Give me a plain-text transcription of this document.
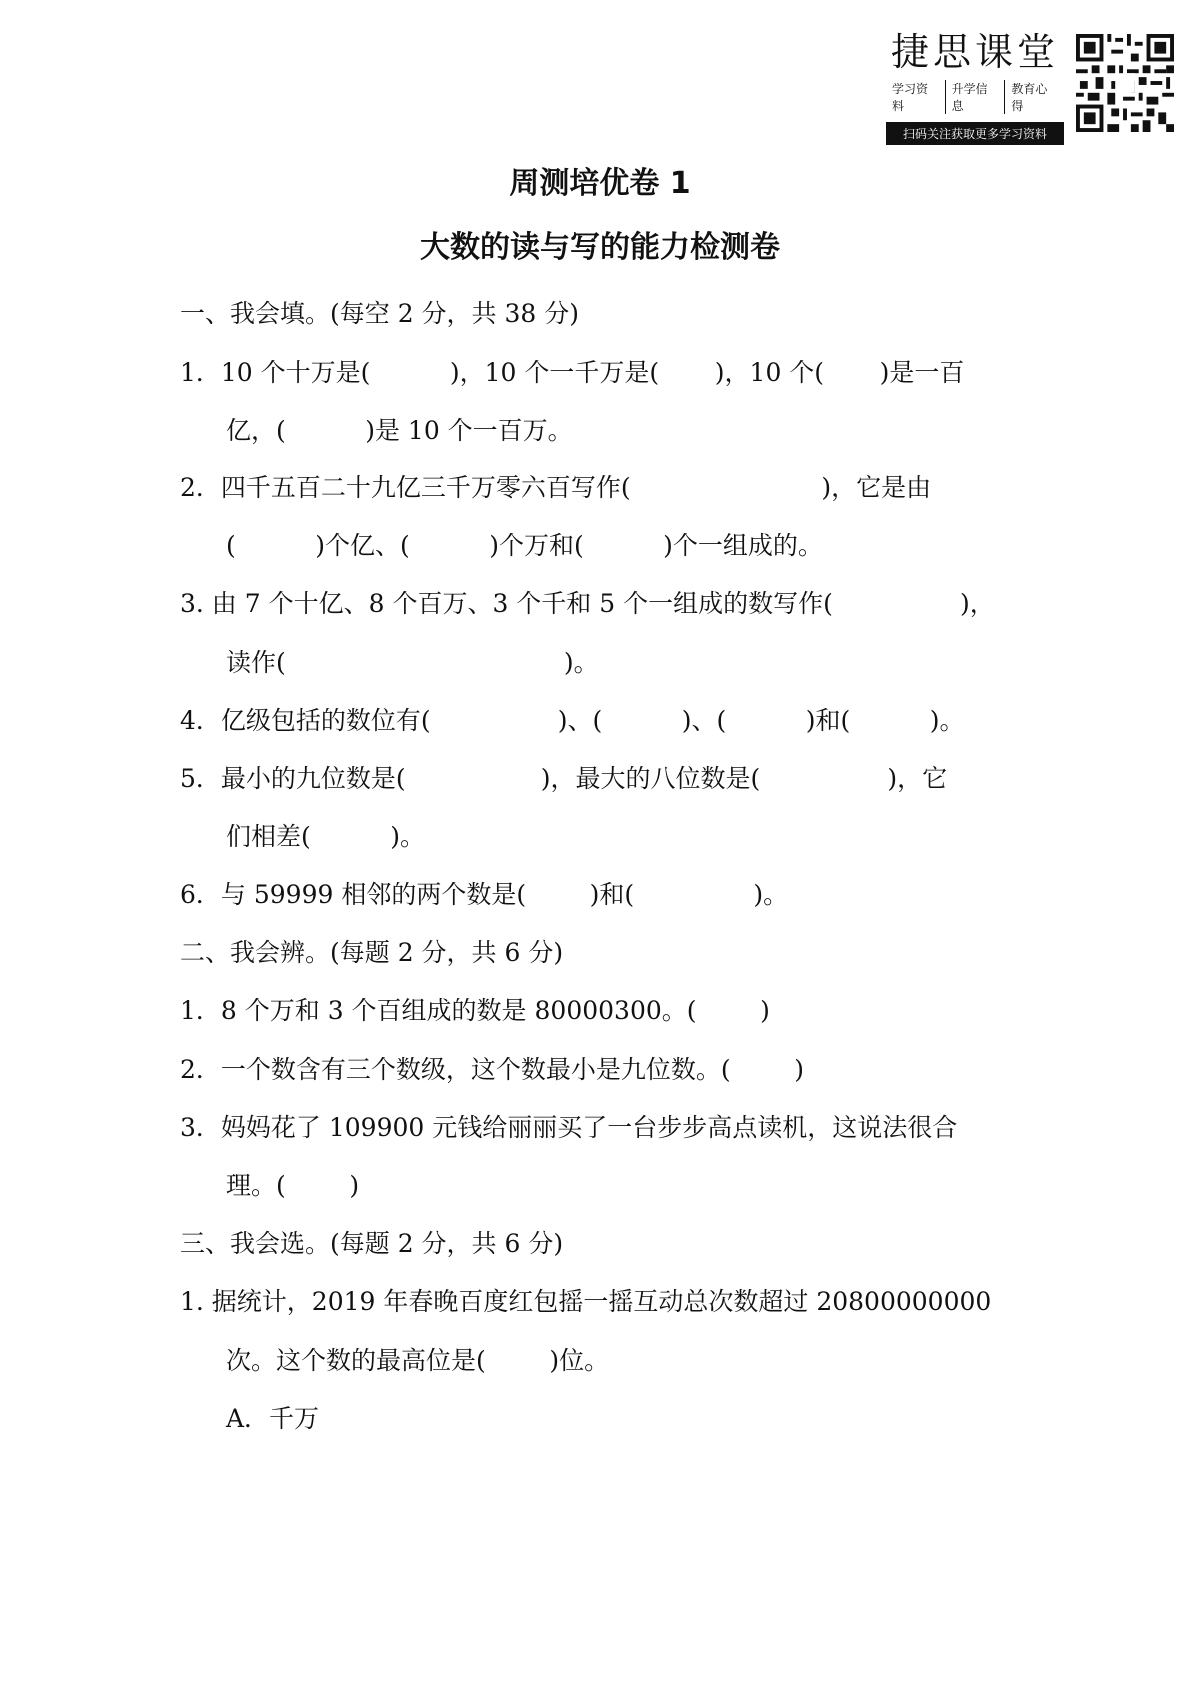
捷思课堂
学习资料
升学信息
教育心得
扫码关注获取更多学习资料
周测培优卷 1
大数的读与写的能力检测卷
一、我会填。(每空 2 分，共 38 分)
1．10 个十万是(          )，10 个一千万是(       )，10 个(       )是一百
亿，(          )是 10 个一百万。
2．四千五百二十九亿三千万零六百写作(                        )，它是由
(          )个亿、(          )个万和(          )个一组成的。
3. 由 7 个十亿、8 个百万、3 个千和 5 个一组成的数写作(                )，
读作(                                   )。
4．亿级包括的数位有(                )、(          )、(          )和(          )。
5．最小的九位数是(                 )，最大的八位数是(                )，它
们相差(          )。
6．与 59999 相邻的两个数是(        )和(               )。
二、我会辨。(每题 2 分，共 6 分)
1．8 个万和 3 个百组成的数是 80000300。(        )
2．一个数含有三个数级，这个数最小是九位数。(        )
3．妈妈花了 109900 元钱给丽丽买了一台步步高点读机，这说法很合
理。(        )
三、我会选。(每题 2 分，共 6 分)
1. 据统计，2019 年春晚百度红包摇一摇互动总次数超过 20800000000
次。这个数的最高位是(        )位。
A．千万
